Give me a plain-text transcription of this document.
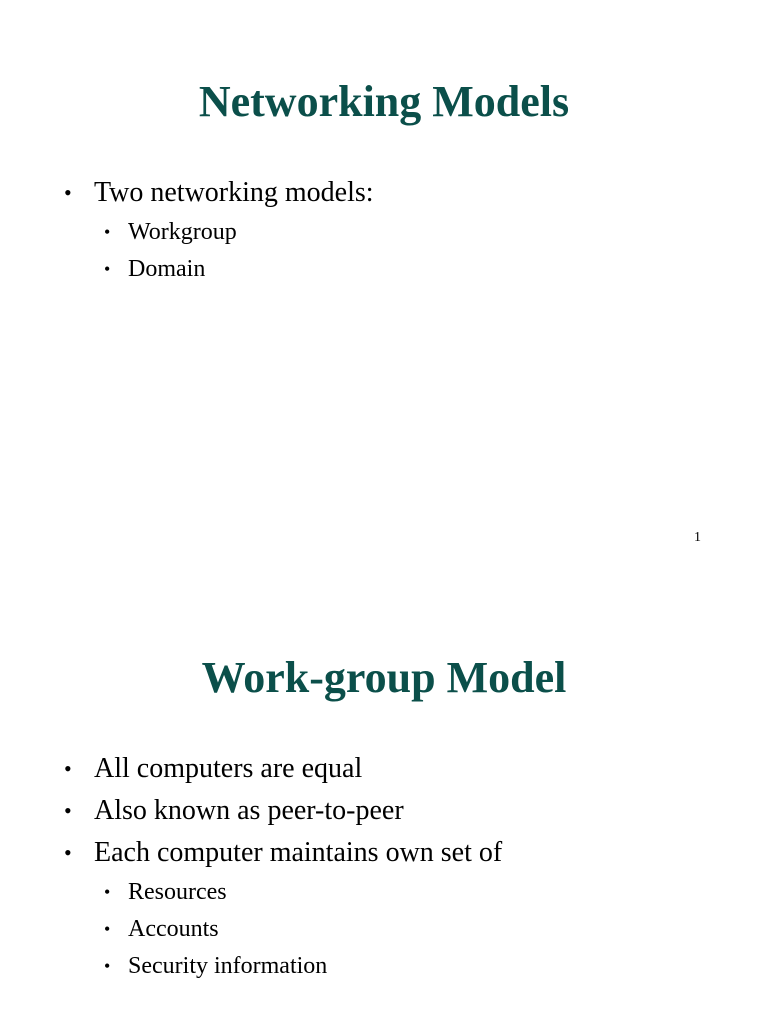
Networking Models
• Two networking models:
• Workgroup
• Domain
1
Work-group Model
• All computers are equal
• Also known as peer-to-peer
• Each computer maintains own set of
• Resources
• Accounts
• Security information
